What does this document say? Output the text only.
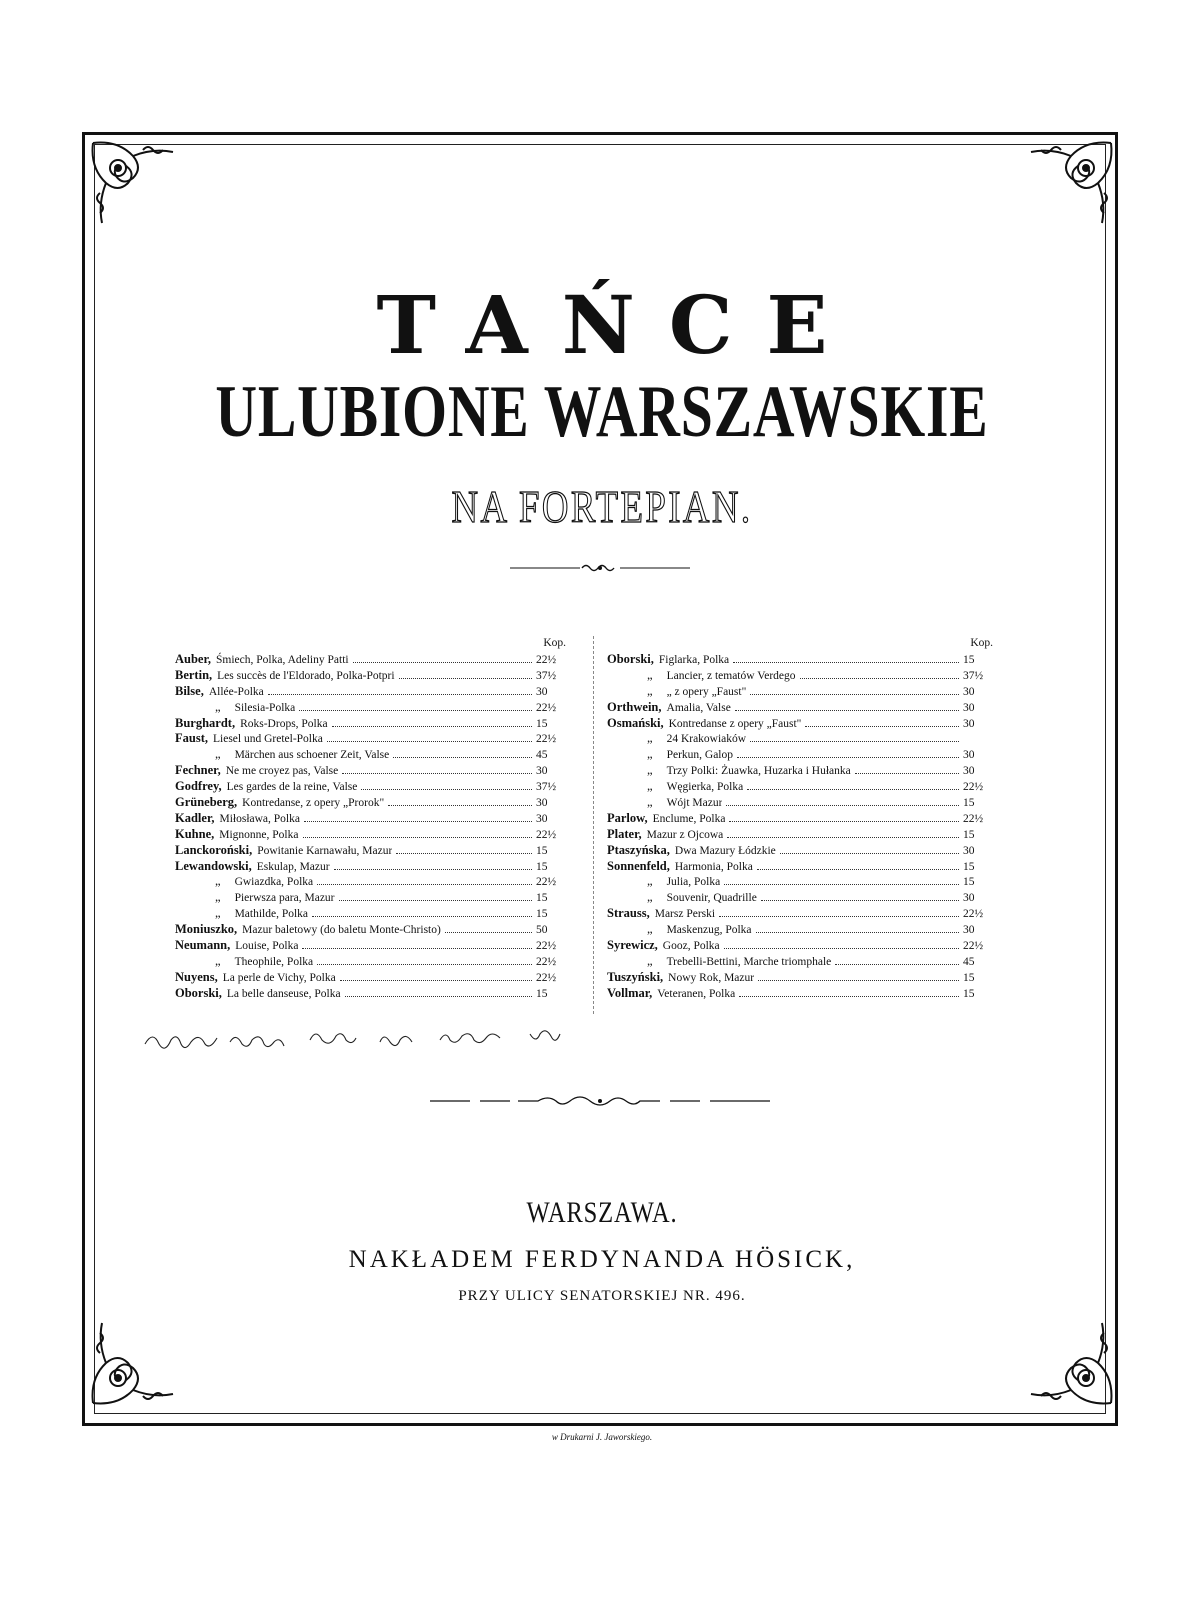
TAŃCE
ULUBIONE WARSZAWSKIE
NA FORTEPIAN.
Kop.
Auber, Śmiech, Polka, Adeliny Patti	22½
Bertin, Les succès de l'Eldorado, Polka-Potpri	37½
Bilse, Allée-Polka	30
„ Silesia-Polka	22½
Burghardt, Roks-Drops, Polka	15
Faust, Liesel und Gretel-Polka	22½
„ Märchen aus schoener Zeit, Valse	45
Fechner, Ne me croyez pas, Valse	30
Godfrey, Les gardes de la reine, Valse	37½
Grüneberg, Kontredanse, z opery „Prorok"	30
Kadler, Miłosława, Polka	30
Kuhne, Mignonne, Polka	22½
Lanckoroński, Powitanie Karnawału, Mazur	15
Lewandowski, Eskulap, Mazur	15
„ Gwiazdka, Polka	22½
„ Pierwsza para, Mazur	15
„ Mathilde, Polka	15
Moniuszko, Mazur baletowy (do baletu Monte-Christo)	50
Neumann, Louise, Polka	22½
„ Theophile, Polka	22½
Nuyens, La perle de Vichy, Polka	22½
Oborski, La belle danseuse, Polka	15
Kop.
Oborski, Figlarka, Polka	15
„ Lancier, z tematów Verdego	37½
„ „ z opery „Faust"	30
Orthwein, Amalia, Valse	30
Osmański, Kontredanse z opery „Faust"	30
„ 24 Krakowiaków
„ Perkun, Galop	30
„ Trzy Polki: Żuawka, Huzarka i Hułanka	30
„ Węgierka, Polka	22½
„ Wójt Mazur	15
Parlow, Enclume, Polka	22½
Plater, Mazur z Ojcowa	15
Ptaszyńska, Dwa Mazury Łódzkie	30
Sonnenfeld, Harmonia, Polka	15
„ Julia, Polka	15
„ Souvenir, Quadrille	30
Strauss, Marsz Perski	22½
„ Maskenzug, Polka	30
Syrewicz, Gooz, Polka	22½
„ Trebelli-Bettini, Marche triomphale	45
Tuszyński, Nowy Rok, Mazur	15
Vollmar, Veteranen, Polka	15
WARSZAWA.
NAKŁADEM FERDYNANDA HÖSICK,
PRZY ULICY SENATORSKIEJ NR. 496.
w Drukarni J. Jaworskiego.
